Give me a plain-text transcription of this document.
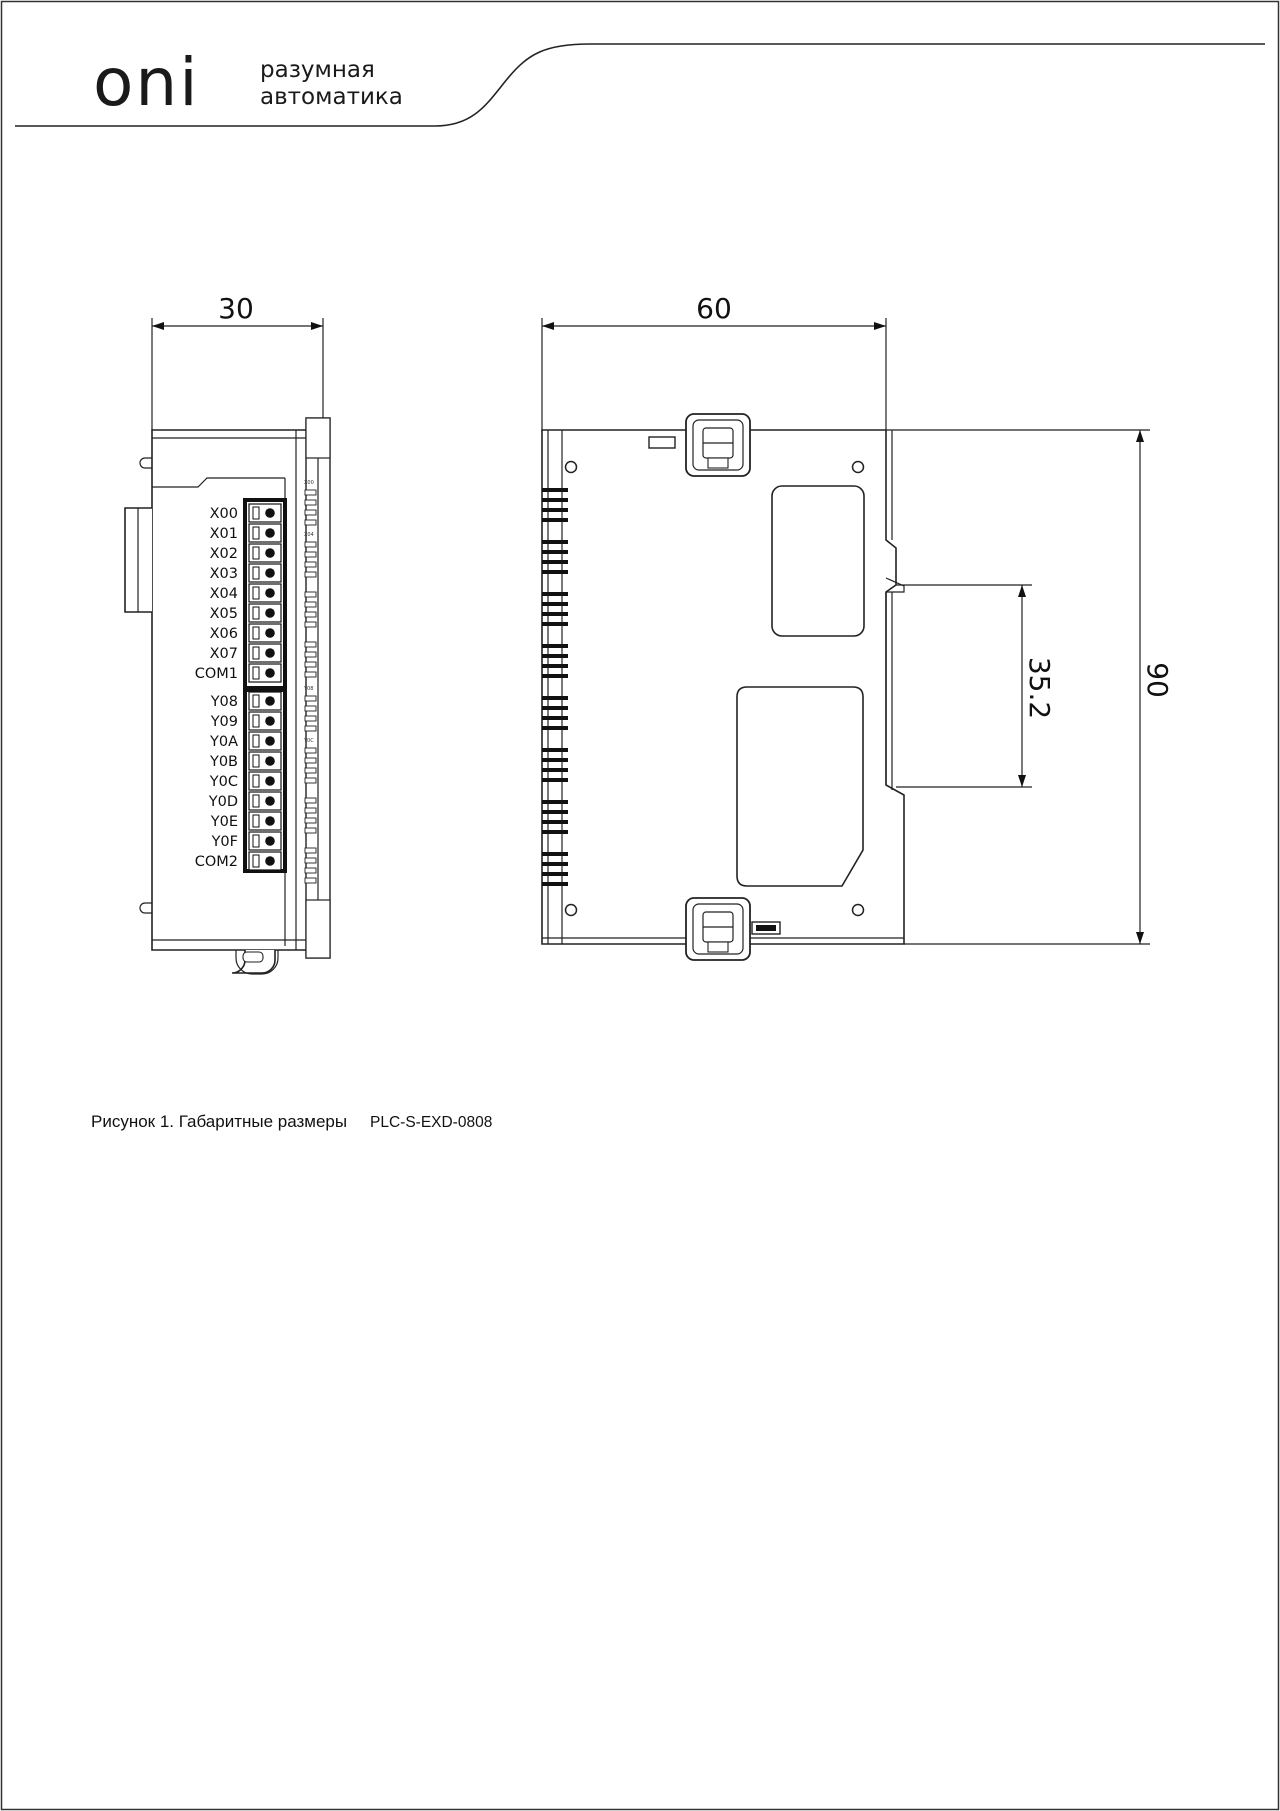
oni	разумная
автоматика
30
X00
X01
X02
X03
X04
X05
X06
X07
COM1
Y08
Y09
Y0A
Y0B
Y0C
Y0D
Y0E
Y0F
COM2
X00
X04
Y08
Y0C
60
35.2	90
Рисунок 1. Габаритные размеры PLC-S-EXD-0808
